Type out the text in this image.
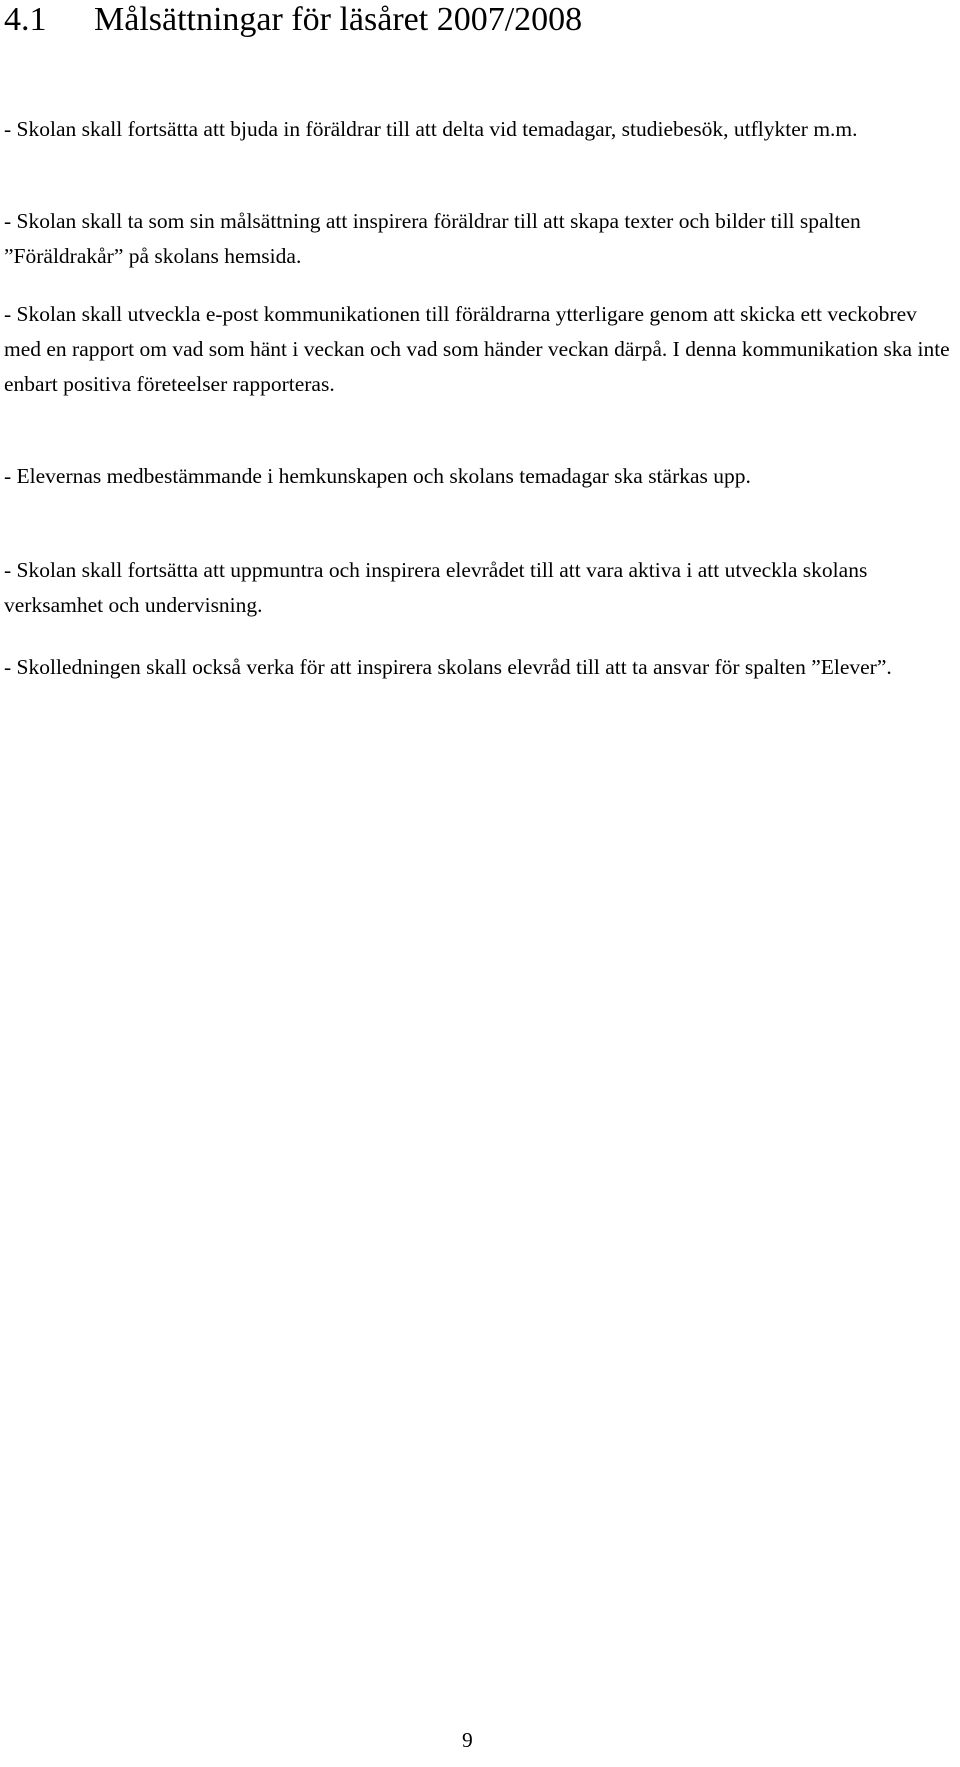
4.1 Målsättningar för läsåret 2007/2008

- Skolan skall fortsätta att bjuda in föräldrar till att delta vid temadagar, studiebesök, utflykter m.m.

- Skolan skall ta som sin målsättning att inspirera föräldrar till att skapa texter och bilder till spalten ”Föräldrakår” på skolans hemsida.

- Skolan skall utveckla e-post kommunikationen till föräldrarna ytterligare genom att skicka ett veckobrev med en rapport om vad som hänt i veckan och vad som händer veckan därpå. I denna kommunikation ska inte enbart positiva företeelser rapporteras.

- Elevernas medbestämmande i hemkunskapen och skolans temadagar ska stärkas upp.

- Skolan skall fortsätta att uppmuntra och inspirera elevrådet till att vara aktiva i att utveckla skolans verksamhet och undervisning.

- Skolledningen skall också verka för att inspirera skolans elevråd till att ta ansvar för spalten ”Elever”.

9
